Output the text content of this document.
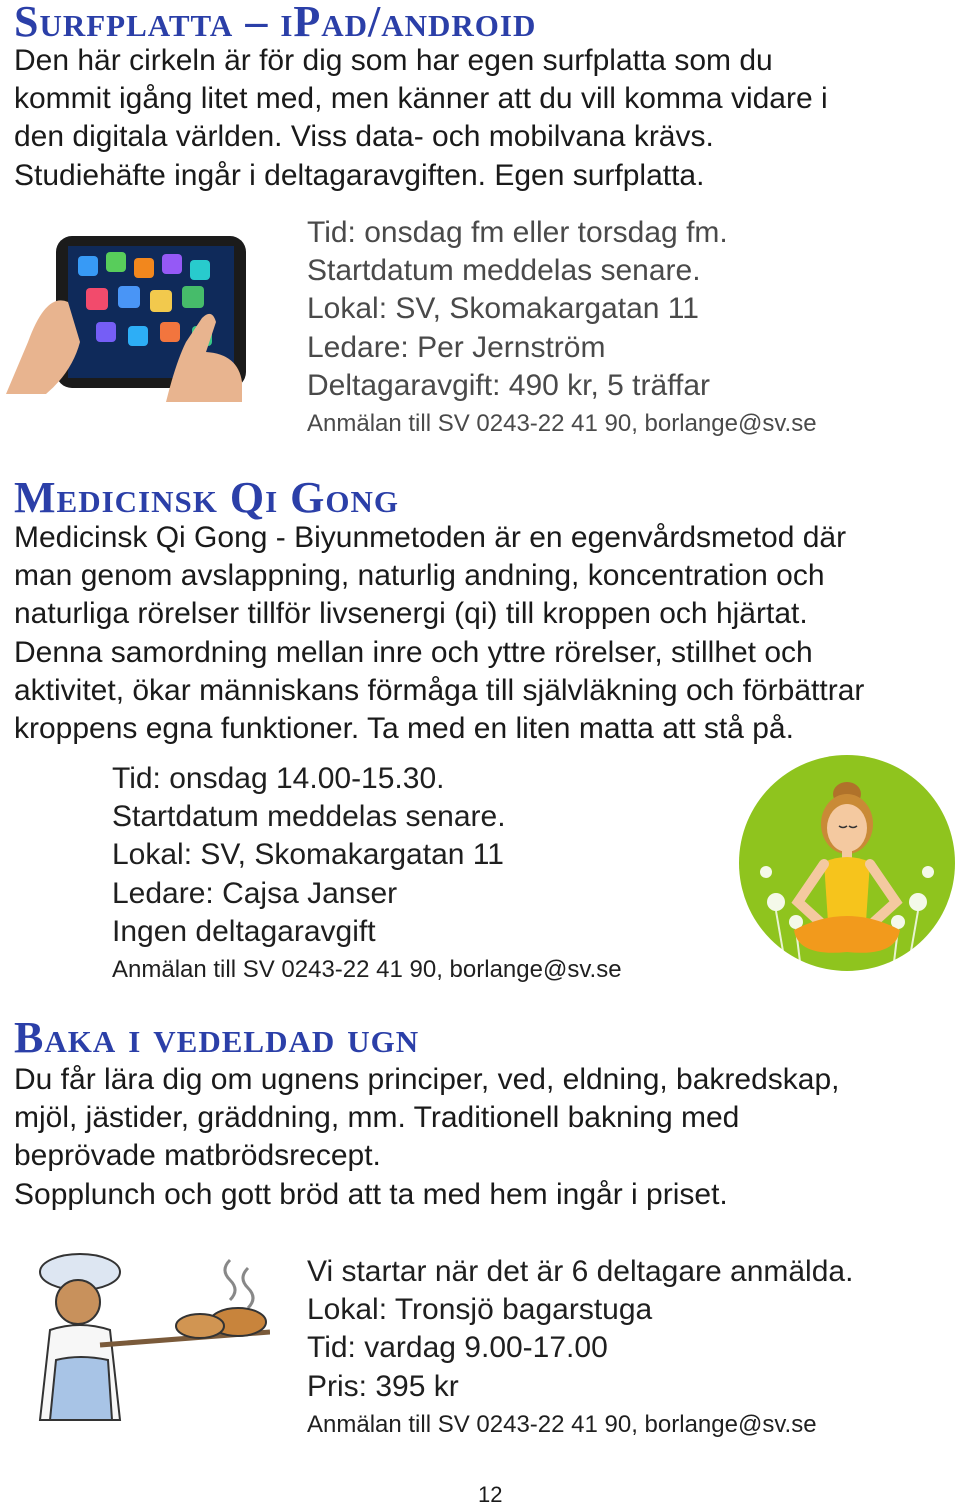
Surfplatta – iPad/android

Den här cirkeln är för dig som har egen surfplatta som du

kommit igång litet med, men känner att du vill komma vidare i

den digitala världen. Viss data- och mobilvana krävs.

Studiehäfte ingår i deltagaravgiften. Egen surfplatta.

Tid: onsdag fm eller torsdag fm.
Startdatum meddelas senare.
Lokal: SV, Skomakargatan 11
Ledare: Per Jernström
Deltagaravgift: 490 kr, 5 träffar
Anmälan till SV 0243-22 41 90, borlange@sv.se
Medicinsk Qi Gong

Medicinsk Qi Gong - Biyunmetoden är en egenvårdsmetod där

man genom avslappning, naturlig andning, koncentration och

naturliga rörelser tillför livsenergi (qi) till kroppen och hjärtat.

Denna samordning mellan inre och yttre rörelser, stillhet och

aktivitet, ökar människans förmåga till självläkning och förbättrar

kroppens egna funktioner. Ta med en liten matta att stå på.

Tid: onsdag 14.00-15.30.
Startdatum meddelas senare.
Lokal: SV, Skomakargatan 11
Ledare: Cajsa Janser
Ingen deltagaravgift
Anmälan till SV 0243-22 41 90, borlange@sv.se
Baka i vedeldad ugn

Du får lära dig om ugnens principer, ved, eldning, bakredskap,

mjöl, jästider, gräddning, mm. Traditionell bakning med

beprövade matbrödsrecept.

Sopplunch och gott bröd att ta med hem ingår i priset.

Vi startar när det är 6 deltagare anmälda.
Lokal: Tronsjö bagarstuga
Tid: vardag 9.00-17.00
Pris: 395 kr
Anmälan till SV 0243-22 41 90, borlange@sv.se
12
